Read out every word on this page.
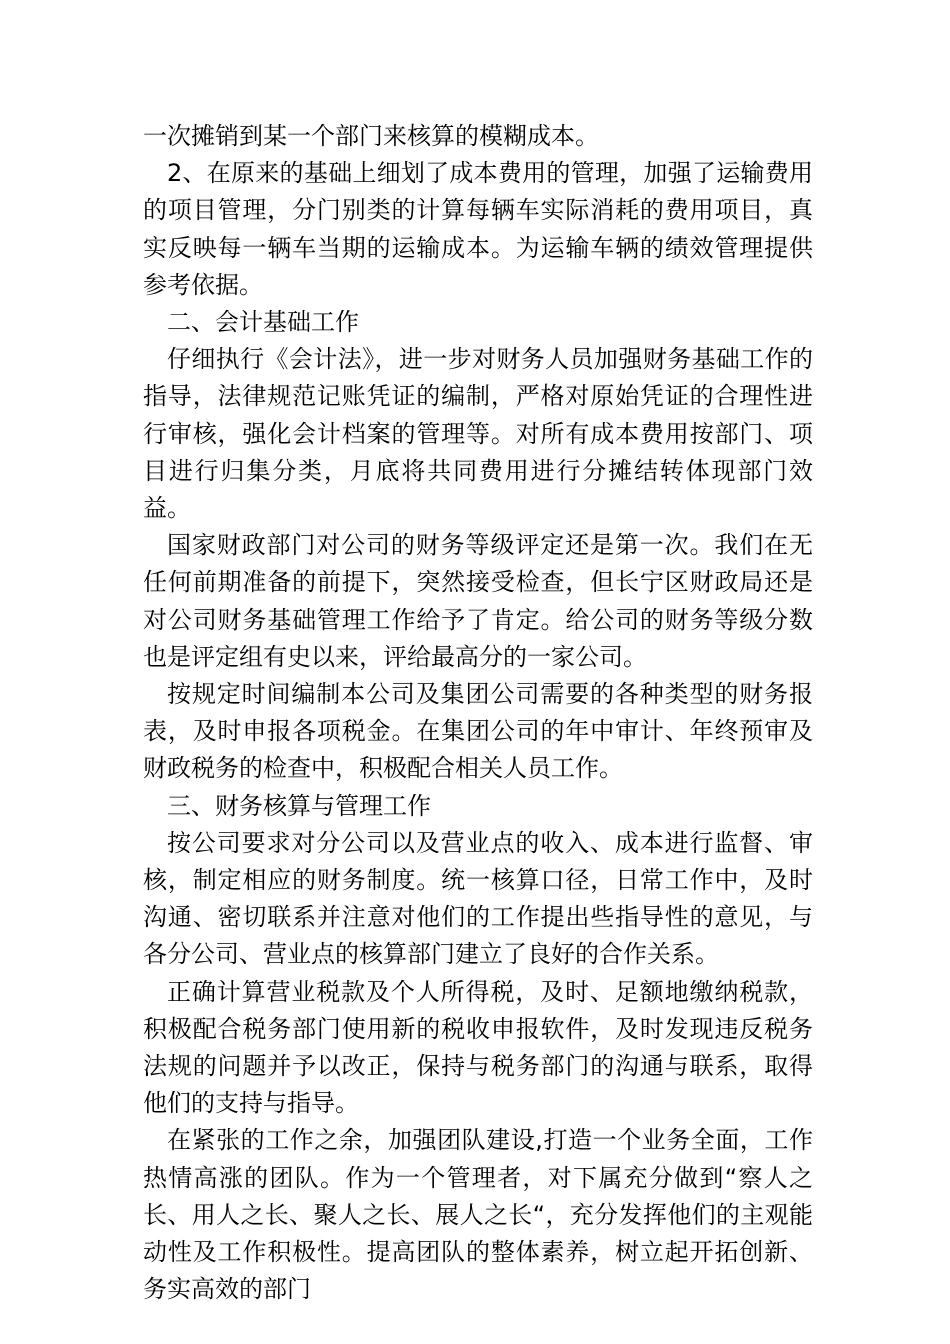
一次摊销到某一个部门来核算的模糊成本。

2、在原来的基础上细划了成本费用的管理，加强了运输费用的项目管理，分门别类的计算每辆车实际消耗的费用项目，真实反映每一辆车当期的运输成本。为运输车辆的绩效管理提供参考依据。

二、会计基础工作

仔细执行《会计法》，进一步对财务人员加强财务基础工作的指导，法律规范记账凭证的编制，严格对原始凭证的合理性进行审核，强化会计档案的管理等。对所有成本费用按部门、项目进行归集分类，月底将共同费用进行分摊结转体现部门效益。

国家财政部门对公司的财务等级评定还是第一次。我们在无任何前期准备的前提下，突然接受检查，但长宁区财政局还是对公司财务基础管理工作给予了肯定。给公司的财务等级分数也是评定组有史以来，评给最高分的一家公司。

按规定时间编制本公司及集团公司需要的各种类型的财务报表，及时申报各项税金。在集团公司的年中审计、年终预审及财政税务的检查中，积极配合相关人员工作。

三、财务核算与管理工作

按公司要求对分公司以及营业点的收入、成本进行监督、审核，制定相应的财务制度。统一核算口径，日常工作中，及时沟通、密切联系并注意对他们的工作提出些指导性的意见，与各分公司、营业点的核算部门建立了良好的合作关系。

正确计算营业税款及个人所得税，及时、足额地缴纳税款，积极配合税务部门使用新的税收申报软件，及时发现违反税务法规的问题并予以改正，保持与税务部门的沟通与联系，取得他们的支持与指导。

在紧张的工作之余，加强团队建设,打造一个业务全面，工作热情高涨的团队。作为一个管理者，对下属充分做到“察人之长、用人之长、聚人之长、展人之长“，充分发挥他们的主观能动性及工作积极性。提高团队的整体素养，树立起开拓创新、务实高效的部门
